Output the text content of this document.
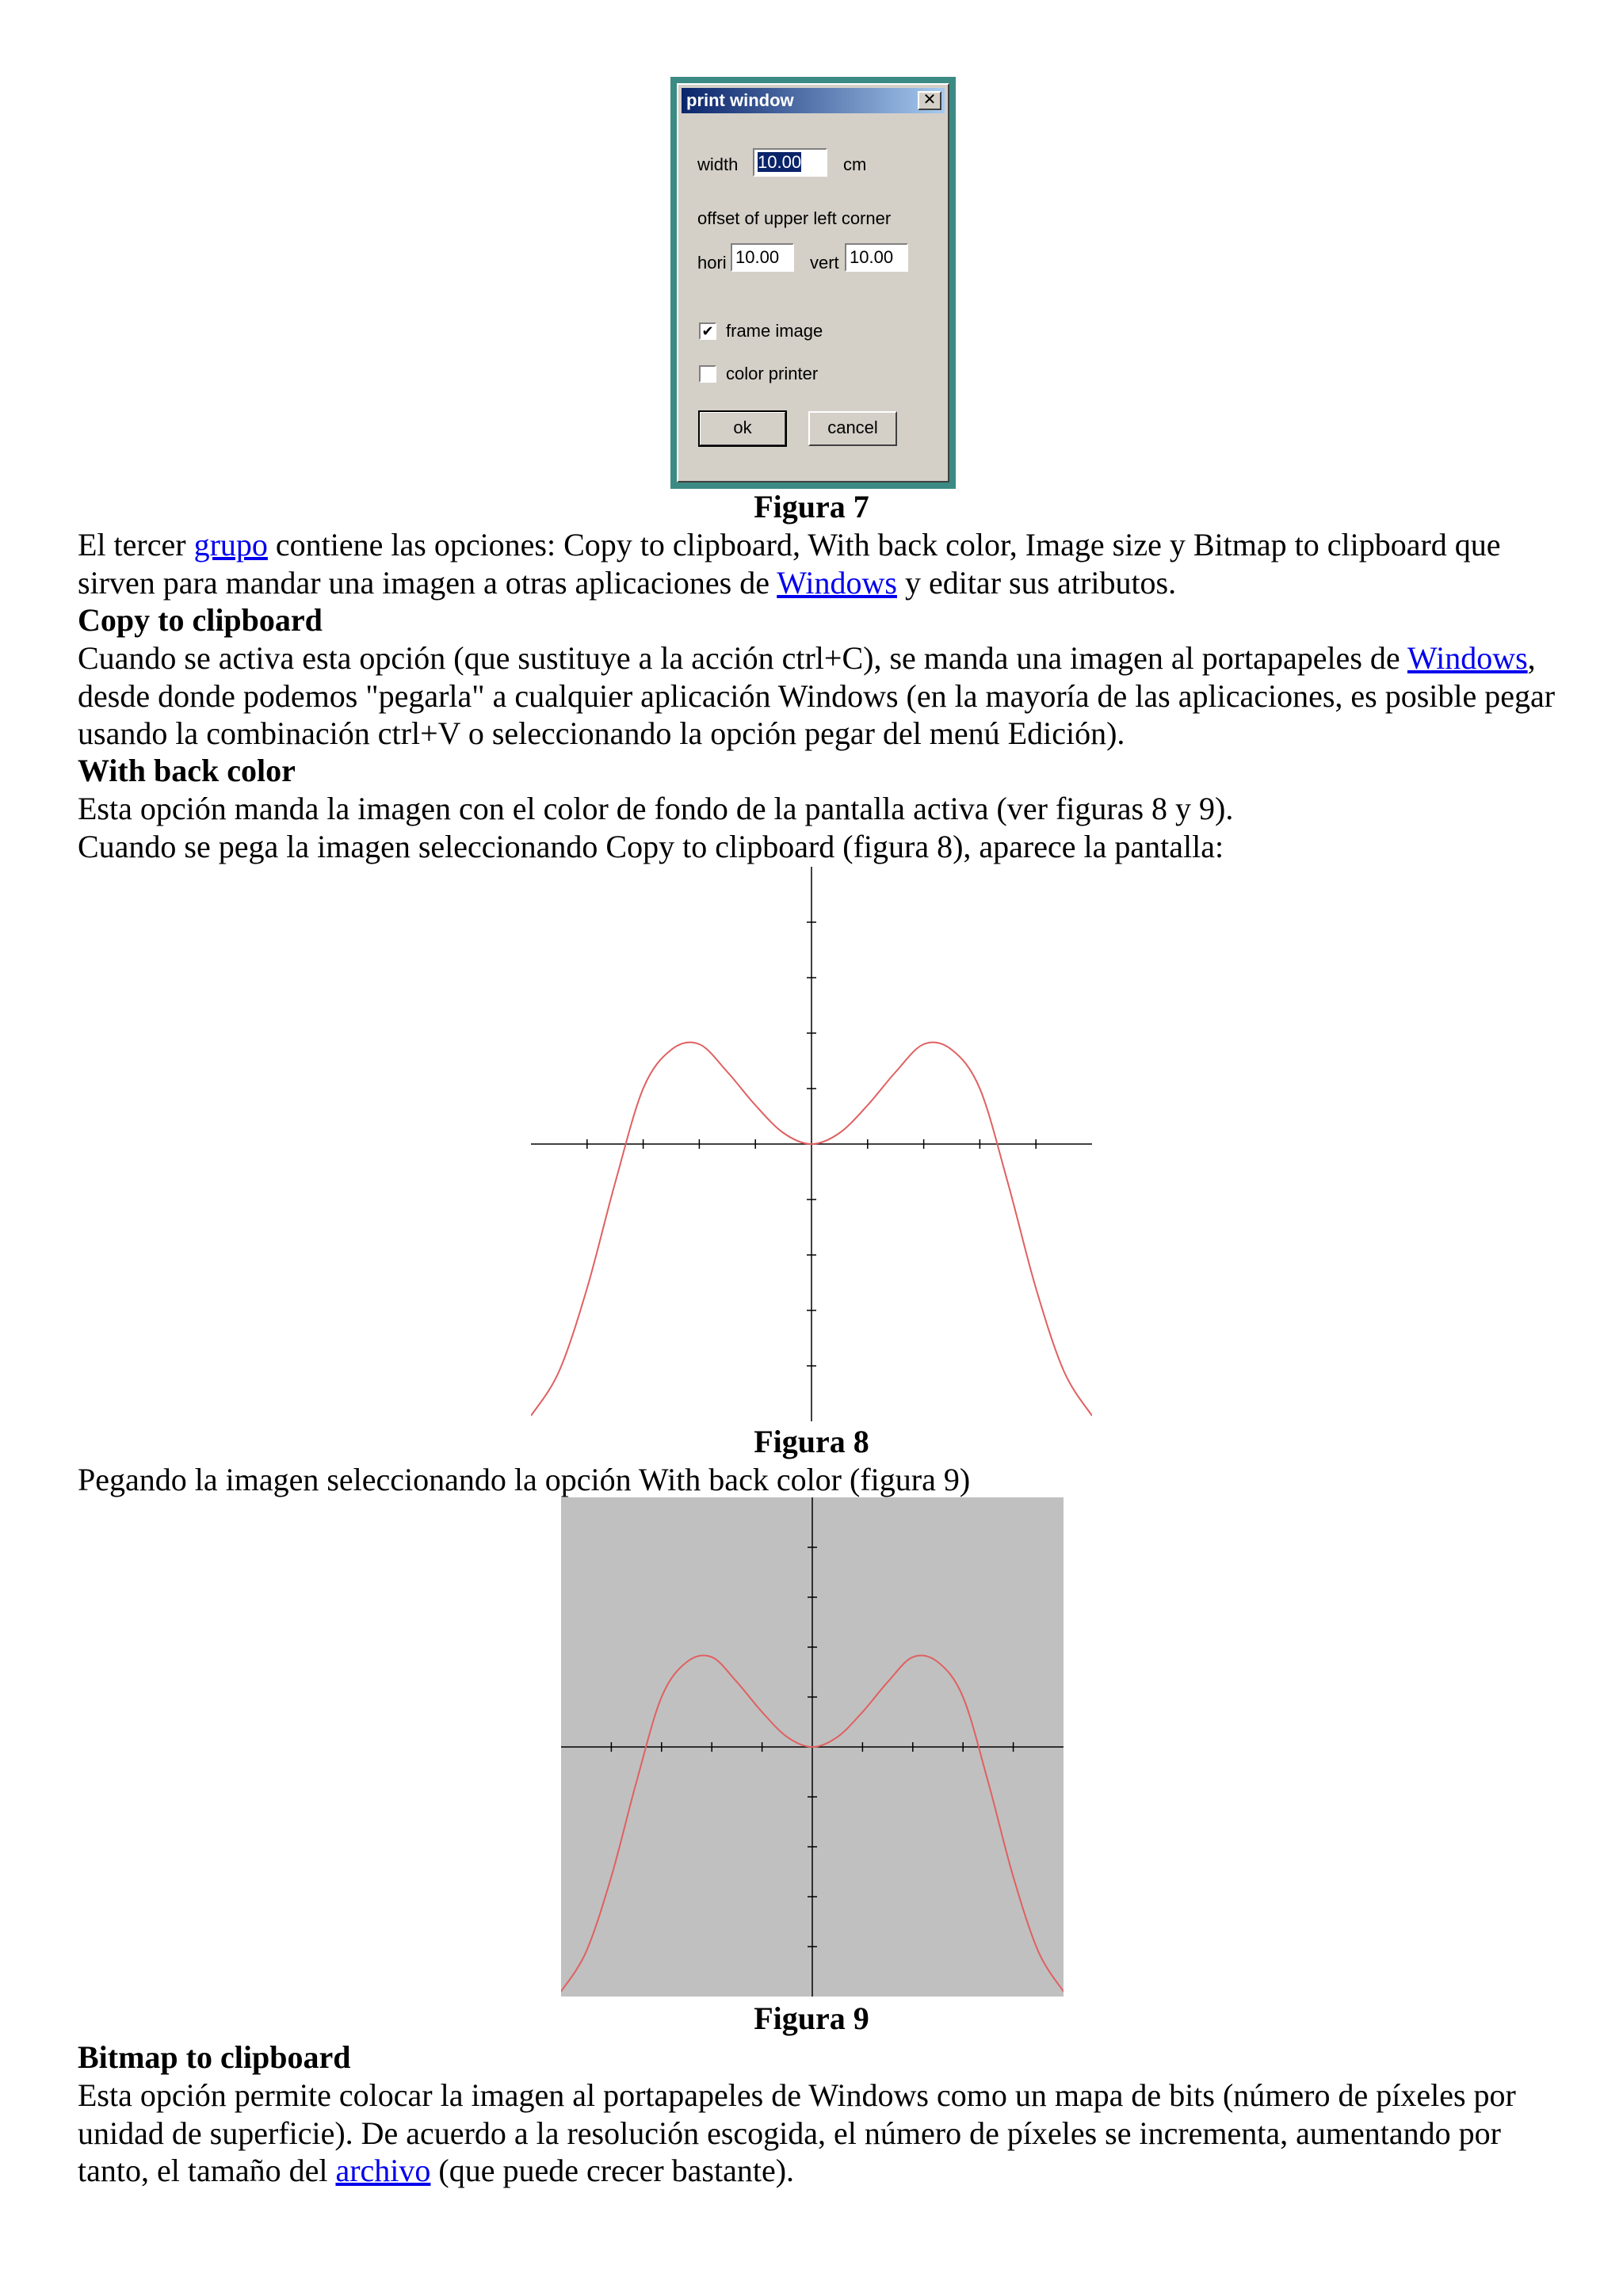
print window	✕
width 10.00	cm
offset of upper left corner
hori 10.00	vert 10.00
✔ frame image
color printer
ok	cancel
Figura 7
El tercer grupo contiene las opciones: Copy to clipboard, With back color, Image size y Bitmap to clipboard que sirven para mandar una imagen a otras aplicaciones de Windows y editar sus atributos.
Copy to clipboard
Cuando se activa esta opción (que sustituye a la acción ctrl+C), se manda una imagen al portapapeles de Windows, desde donde podemos "pegarla" a cualquier aplicación Windows (en la mayoría de las aplicaciones, es posible pegar usando la combinación ctrl+V o seleccionando la opción pegar del menú Edición).
With back color
Esta opción manda la imagen con el color de fondo de la pantalla activa (ver figuras 8 y 9).
Cuando se pega la imagen seleccionando Copy to clipboard (figura 8), aparece la pantalla:
Figura 8
Pegando la imagen seleccionando la opción With back color (figura 9)
Figura 9
Bitmap to clipboard
Esta opción permite colocar la imagen al portapapeles de Windows como un mapa de bits (número de píxeles por unidad de superficie). De acuerdo a la resolución escogida, el número de píxeles se incrementa, aumentando por tanto, el tamaño del archivo (que puede crecer bastante).
